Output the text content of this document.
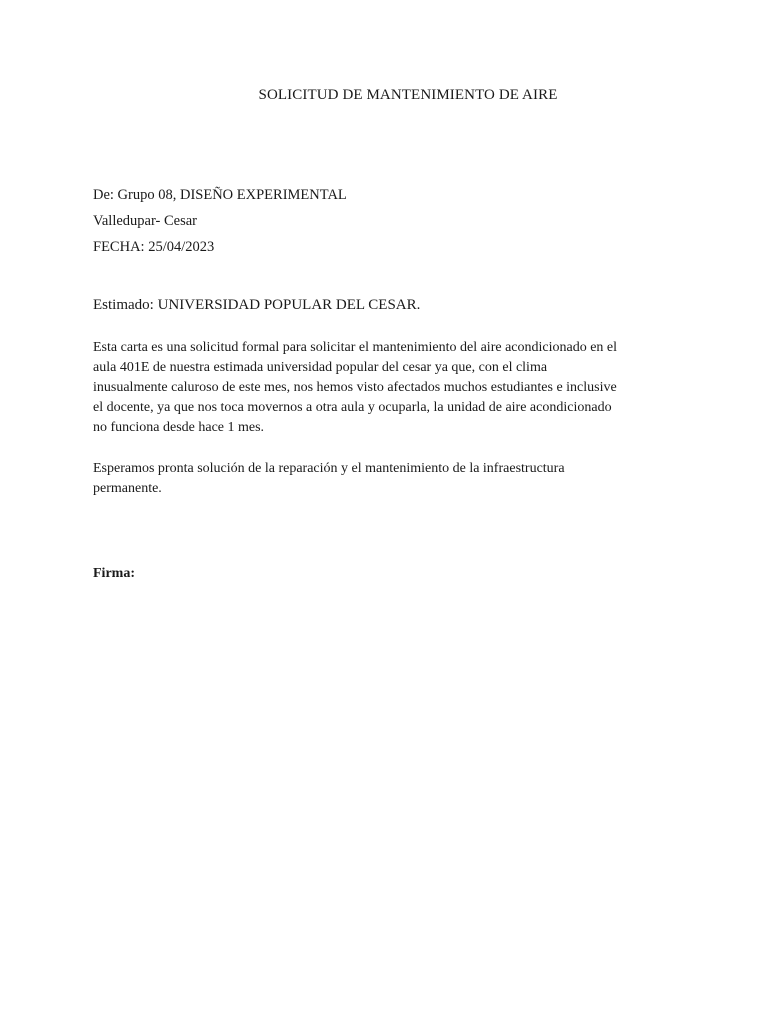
SOLICITUD DE MANTENIMIENTO DE AIRE
De: Grupo 08, DISEÑO EXPERIMENTAL
Valledupar- Cesar
FECHA: 25/04/2023
Estimado: UNIVERSIDAD POPULAR DEL CESAR.
Esta carta es una solicitud formal para solicitar el mantenimiento del aire acondicionado en el
aula 401E de nuestra estimada universidad popular del cesar ya que, con el clima
inusualmente caluroso de este mes, nos hemos visto afectados muchos estudiantes e inclusive
el docente, ya que nos toca movernos a otra aula y ocuparla, la unidad de aire acondicionado
no funciona desde hace 1 mes.
Esperamos pronta solución de la reparación y el mantenimiento de la infraestructura
permanente.
Firma:
